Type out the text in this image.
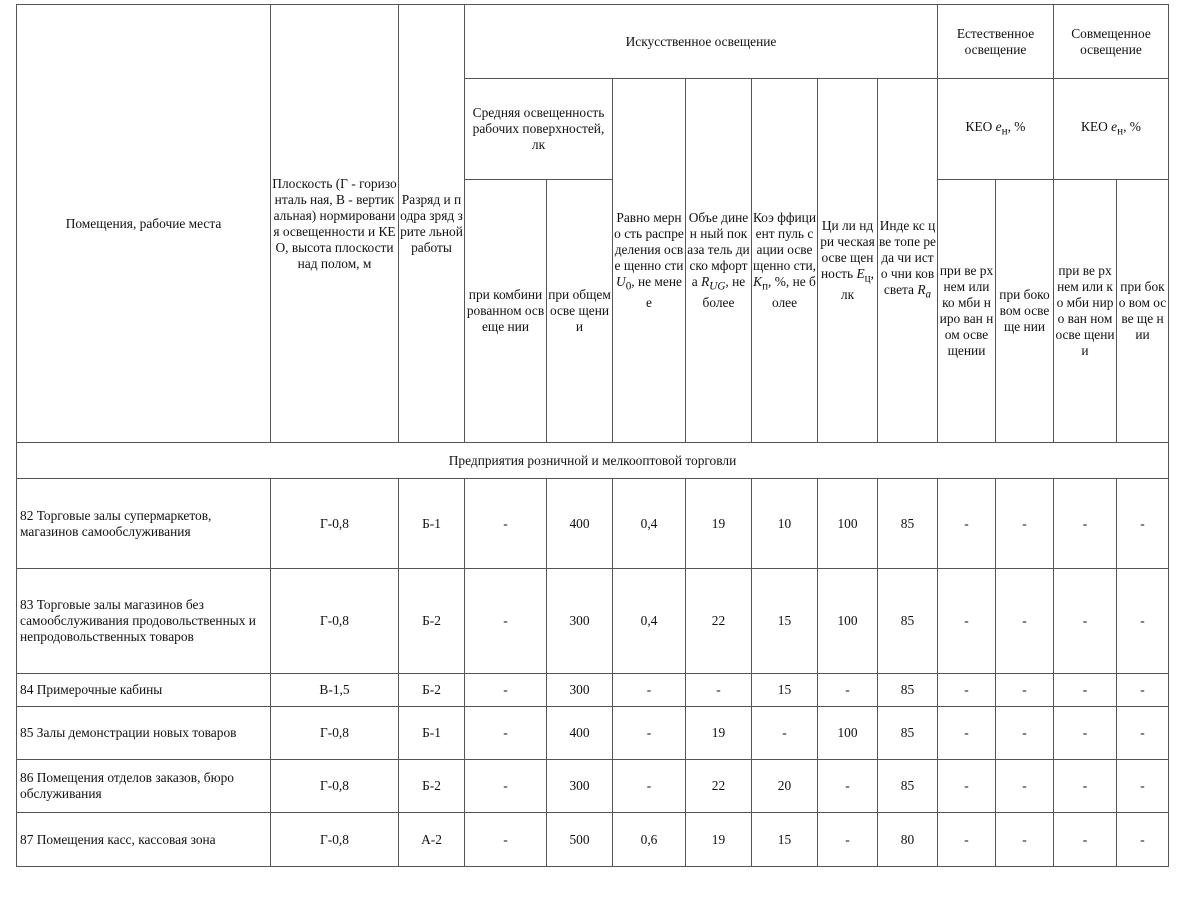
Помещения, рабочие места	Плоскость (Г - горизонталь ная, В - вертикальная) нормирования освещенности и КЕО, высота плоскости над полом, м	Разряд и подра зряд зрите льной работы	Искусственное освещение							Естественное освещение		Совмещенное освещение	
			Средняя освещенность рабочих поверхностей, лк		Равно мерно сть распре деления осве щенно сти $U_0$, не менее	Объе динен ный показа тель диско мфорта $R_{UG}$, не более	Коэ ффици ент пуль сации осве щенно сти, $K_п$, %, не более	Ци ли ндри ческая осве щен ность $E_ц$, лк	Инде кс цве топе реда чи исто чни ков света $R_a$	КЕО $e_н$, %		КЕО $e_н$, %	
			при комбини рованном освеще нии	при общем осве щении						при ве рхнем или ко мби ниро ван ном осве щении	при боко вом осве ще нии	при ве рхнем или ко мби ниро ван ном осве щении	при боко вом осве ще нии
Предприятия розничной и мелкооптовой торговли													
82 Торговые залы супермаркетов, магазинов самообслуживания	Г-0,8	Б-1	-	400	0,4	19	10	100	85	-	-	-	-
83 Торговые залы магазинов без самообслуживания продовольственных и непродовольственных товаров	Г-0,8	Б-2	-	300	0,4	22	15	100	85	-	-	-	-
84 Примерочные кабины	В-1,5	Б-2	-	300	-	-	15	-	85	-	-	-	-
85 Залы демонстрации новых товаров	Г-0,8	Б-1	-	400	-	19	-	100	85	-	-	-	-
86 Помещения отделов заказов, бюро обслуживания	Г-0,8	Б-2	-	300	-	22	20	-	85	-	-	-	-
87 Помещения касс, кассовая зона	Г-0,8	А-2	-	500	0,6	19	15	-	80	-	-	-	-
